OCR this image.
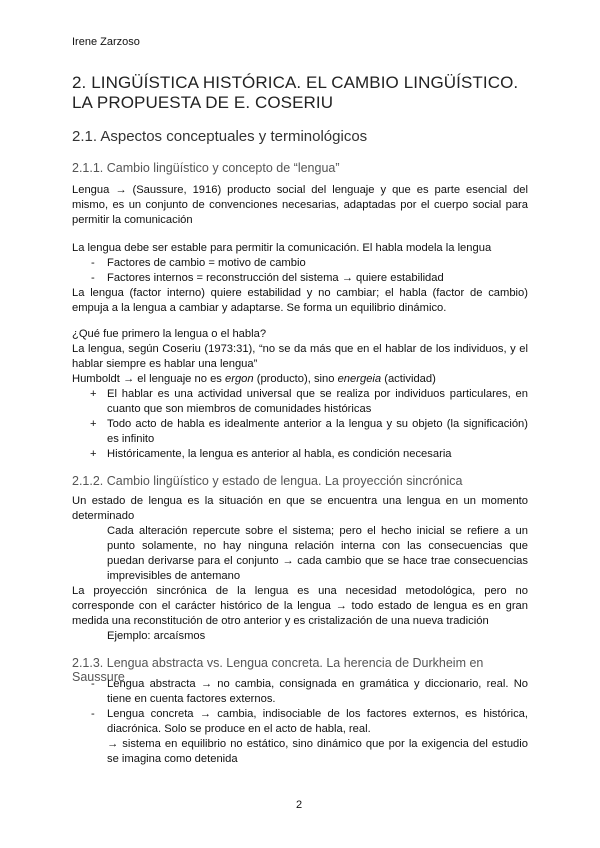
Irene Zarzoso
2. LINGÜÍSTICA HISTÓRICA. EL CAMBIO LINGÜÍSTICO. LA PROPUESTA DE E. COSERIU
2.1. Aspectos conceptuales y terminológicos
2.1.1. Cambio lingüístico y concepto de “lengua”
Lengua → (Saussure, 1916) producto social del lenguaje y que es parte esencial del mismo, es un conjunto de convenciones necesarias, adaptadas por el cuerpo social para permitir la comunicación
La lengua debe ser estable para permitir la comunicación. El habla modela la lengua
- Factores de cambio = motivo de cambio
- Factores internos = reconstrucción del sistema → quiere estabilidad
La lengua (factor interno) quiere estabilidad y no cambiar; el habla (factor de cambio) empuja a la lengua a cambiar y adaptarse. Se forma un equilibrio dinámico.
¿Qué fue primero la lengua o el habla?
La lengua, según Coseriu (1973:31), “no se da más que en el hablar de los individuos, y el hablar siempre es hablar una lengua”
Humboldt → el lenguaje no es ergon (producto), sino energeia (actividad)
+ El hablar es una actividad universal que se realiza por individuos particulares, en cuanto que son miembros de comunidades históricas
+ Todo acto de habla es idealmente anterior a la lengua y su objeto (la significación) es infinito
+ Históricamente, la lengua es anterior al habla, es condición necesaria
2.1.2. Cambio lingüístico y estado de lengua. La proyección sincrónica
Un estado de lengua es la situación en que se encuentra una lengua en un momento determinado
Cada alteración repercute sobre el sistema; pero el hecho inicial se refiere a un punto solamente, no hay ninguna relación interna con las consecuencias que puedan derivarse para el conjunto → cada cambio que se hace trae consecuencias imprevisibles de antemano
La proyección sincrónica de la lengua es una necesidad metodológica, pero no corresponde con el carácter histórico de la lengua → todo estado de lengua es en gran medida una reconstitución de otro anterior y es cristalización de una nueva tradición
Ejemplo: arcaísmos
2.1.3. Lengua abstracta vs. Lengua concreta. La herencia de Durkheim en Saussure
- Lengua abstracta → no cambia, consignada en gramática y diccionario, real. No tiene en cuenta factores externos.
- Lengua concreta → cambia, indisociable de los factores externos, es histórica, diacrónica. Solo se produce en el acto de habla, real.
→ sistema en equilibrio no estático, sino dinámico que por la exigencia del estudio se imagina como detenida
2
